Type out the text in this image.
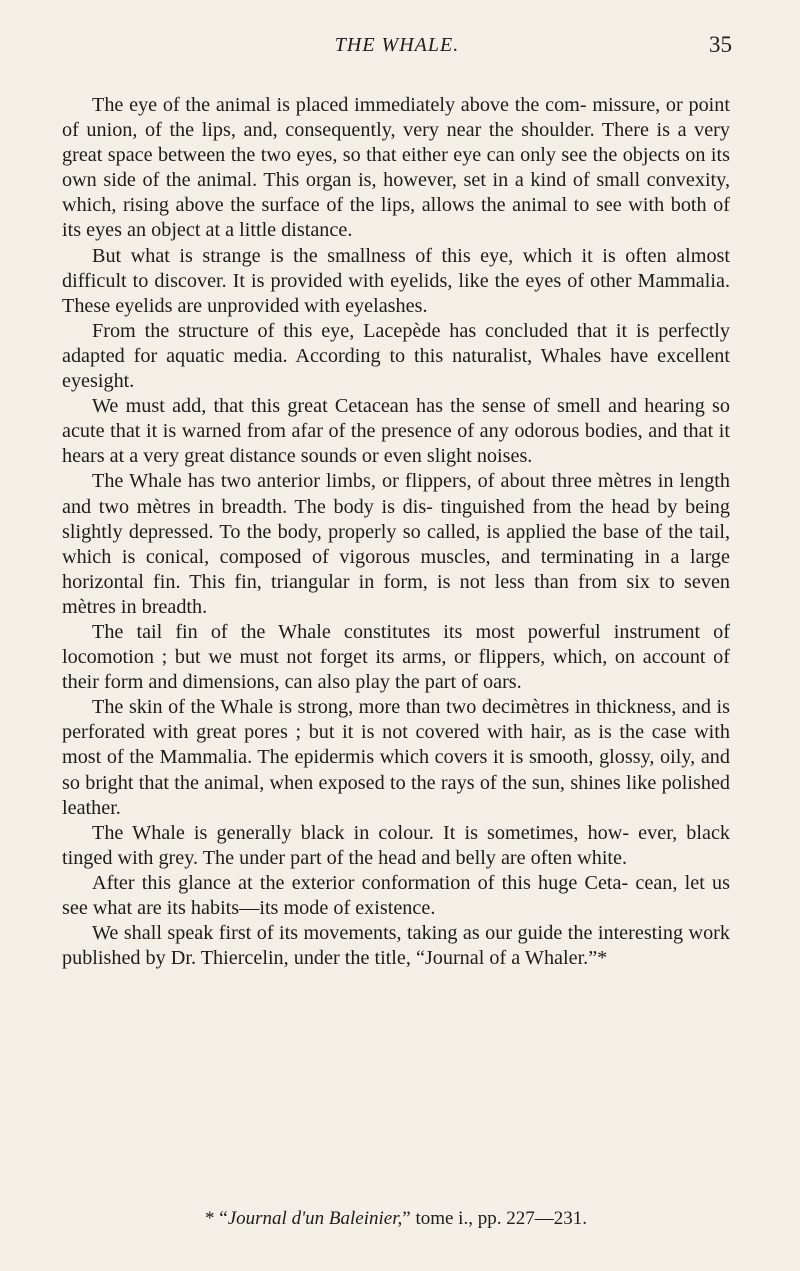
THE WHALE.	35

The eye of the animal is placed immediately above the com- missure, or point of union, of the lips, and, consequently, very near the shoulder. There is a very great space between the two eyes, so that either eye can only see the objects on its own side of the animal. This organ is, however, set in a kind of small convexity, which, rising above the surface of the lips, allows the animal to see with both of its eyes an object at a little distance.

But what is strange is the smallness of this eye, which it is often almost difficult to discover. It is provided with eyelids, like the eyes of other Mammalia. These eyelids are unprovided with eyelashes.

From the structure of this eye, Lacepède has concluded that it is perfectly adapted for aquatic media. According to this naturalist, Whales have excellent eyesight.

We must add, that this great Cetacean has the sense of smell and hearing so acute that it is warned from afar of the presence of any odorous bodies, and that it hears at a very great distance sounds or even slight noises.

The Whale has two anterior limbs, or flippers, of about three mètres in length and two mètres in breadth. The body is dis- tinguished from the head by being slightly depressed. To the body, properly so called, is applied the base of the tail, which is conical, composed of vigorous muscles, and terminating in a large horizontal fin. This fin, triangular in form, is not less than from six to seven mètres in breadth.

The tail fin of the Whale constitutes its most powerful instrument of locomotion ; but we must not forget its arms, or flippers, which, on account of their form and dimensions, can also play the part of oars.

The skin of the Whale is strong, more than two decimètres in thickness, and is perforated with great pores ; but it is not covered with hair, as is the case with most of the Mammalia. The epidermis which covers it is smooth, glossy, oily, and so bright that the animal, when exposed to the rays of the sun, shines like polished leather.

The Whale is generally black in colour. It is sometimes, how- ever, black tinged with grey. The under part of the head and belly are often white.

After this glance at the exterior conformation of this huge Ceta- cean, let us see what are its habits—its mode of existence.

We shall speak first of its movements, taking as our guide the interesting work published by Dr. Thiercelin, under the title, “Journal of a Whaler.”*

* “Journal d'un Baleinier,” tome i., pp. 227—231.
